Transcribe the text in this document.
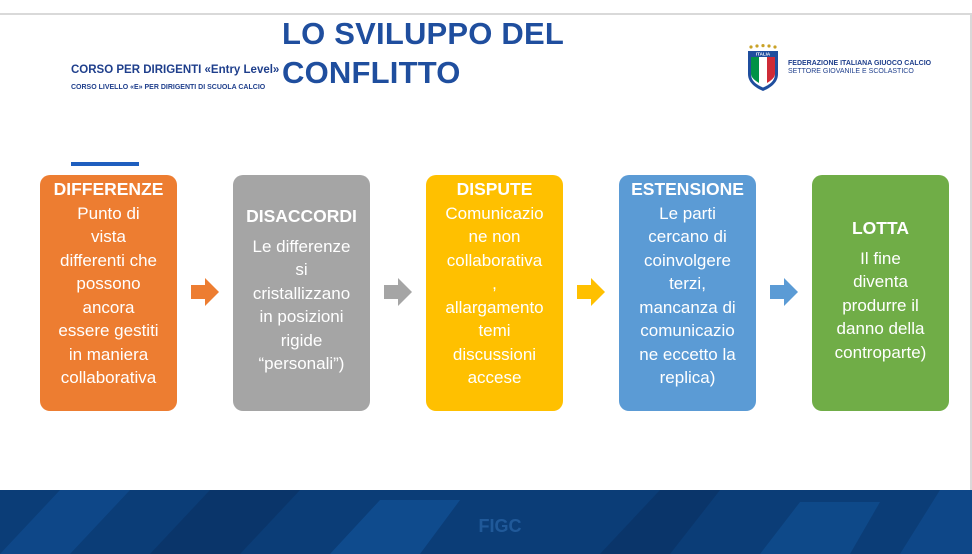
LO SVILUPPO DEL
CONFLITTO
CORSO PER DIRIGENTI «Entry Level»
CORSO LIVELLO «E» PER DIRIGENTI DI SCUOLA CALCIO
ITALIA
FEDERAZIONE ITALIANA GIUOCO CALCIO
SETTORE GIOVANILE E SCOLASTICO
DIFFERENZE
Punto di
vista
differenti che
possono
ancora
essere gestiti
in maniera
collaborativa
DISACCORDI
Le differenze
si
cristallizzano
in posizioni
rigide
“personali”)
DISPUTE
Comunicazio
ne non
collaborativa
,
allargamento
temi
discussioni
accese
ESTENSIONE
Le parti
cercano di
coinvolgere
terzi,
mancanza di
comunicazio
ne eccetto la
replica)
LOTTA
Il fine
diventa
produrre il
danno della
controparte)
FIGC
